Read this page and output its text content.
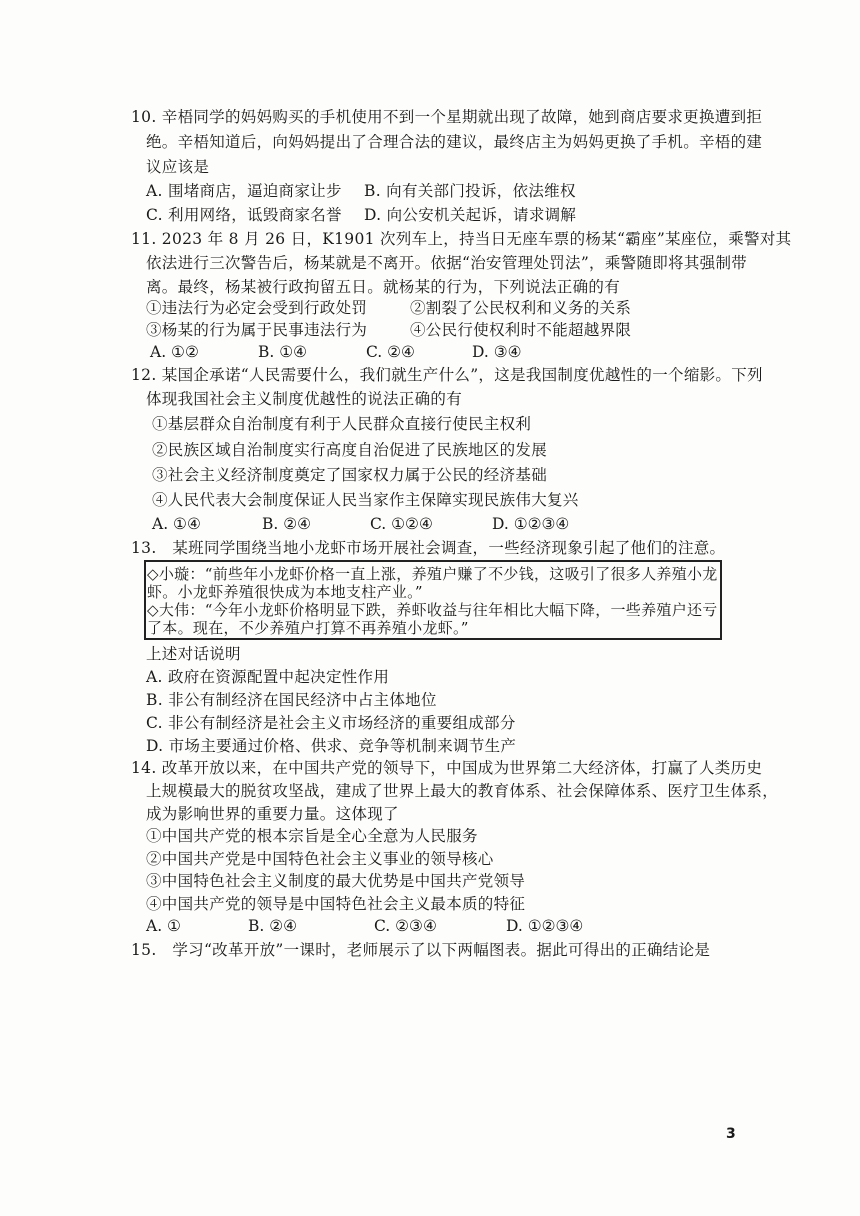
10. 辛梧同学的妈妈购买的手机使用不到一个星期就出现了故障，她到商店要求更换遭到拒
绝。辛梧知道后，向妈妈提出了合理合法的建议，最终店主为妈妈更换了手机。辛梧的建
议应该是
A. 围堵商店，逼迫商家让步 B. 向有关部门投诉，依法维权
C. 利用网络，诋毁商家名誉 D. 向公安机关起诉，请求调解
11. 2023 年 8 月 26 日，K1901 次列车上，持当日无座车票的杨某“霸座”某座位，乘警对其
依法进行三次警告后，杨某就是不离开。依据“治安管理处罚法”，乘警随即将其强制带
离。最终，杨某被行政拘留五日。就杨某的行为，下列说法正确的有
①违法行为必定会受到行政处罚	②割裂了公民权利和义务的关系
③杨某的行为属于民事违法行为	④公民行使权利时不能超越界限
A. ①②	B. ①④	C. ②④	D. ③④
12. 某国企承诺“人民需要什么，我们就生产什么”，这是我国制度优越性的一个缩影。下列
体现我国社会主义制度优越性的说法正确的有
①基层群众自治制度有利于人民群众直接行使民主权利
②民族区域自治制度实行高度自治促进了民族地区的发展
③社会主义经济制度奠定了国家权力属于公民的经济基础
④人民代表大会制度保证人民当家作主保障实现民族伟大复兴
A. ①④	B. ②④	C. ①②④	D. ①②③④
13.　某班同学围绕当地小龙虾市场开展社会调查，一些经济现象引起了他们的注意。
◇小璇：“前些年小龙虾价格一直上涨，养殖户赚了不少钱，这吸引了很多人养殖小龙
虾。小龙虾养殖很快成为本地支柱产业。”
◇大伟：“今年小龙虾价格明显下跌，养虾收益与往年相比大幅下降，一些养殖户还亏
了本。现在，不少养殖户打算不再养殖小龙虾。”
上述对话说明
A. 政府在资源配置中起决定性作用
B. 非公有制经济在国民经济中占主体地位
C. 非公有制经济是社会主义市场经济的重要组成部分
D. 市场主要通过价格、供求、竞争等机制来调节生产
14. 改革开放以来，在中国共产党的领导下，中国成为世界第二大经济体，打赢了人类历史
上规模最大的脱贫攻坚战，建成了世界上最大的教育体系、社会保障体系、医疗卫生体系，
成为影响世界的重要力量。这体现了
①中国共产党的根本宗旨是全心全意为人民服务
②中国共产党是中国特色社会主义事业的领导核心
③中国特色社会主义制度的最大优势是中国共产党领导
④中国共产党的领导是中国特色社会主义最本质的特征
A. ①	B. ②④	C. ②③④	D. ①②③④
15.　学习“改革开放”一课时，老师展示了以下两幅图表。据此可得出的正确结论是
3
